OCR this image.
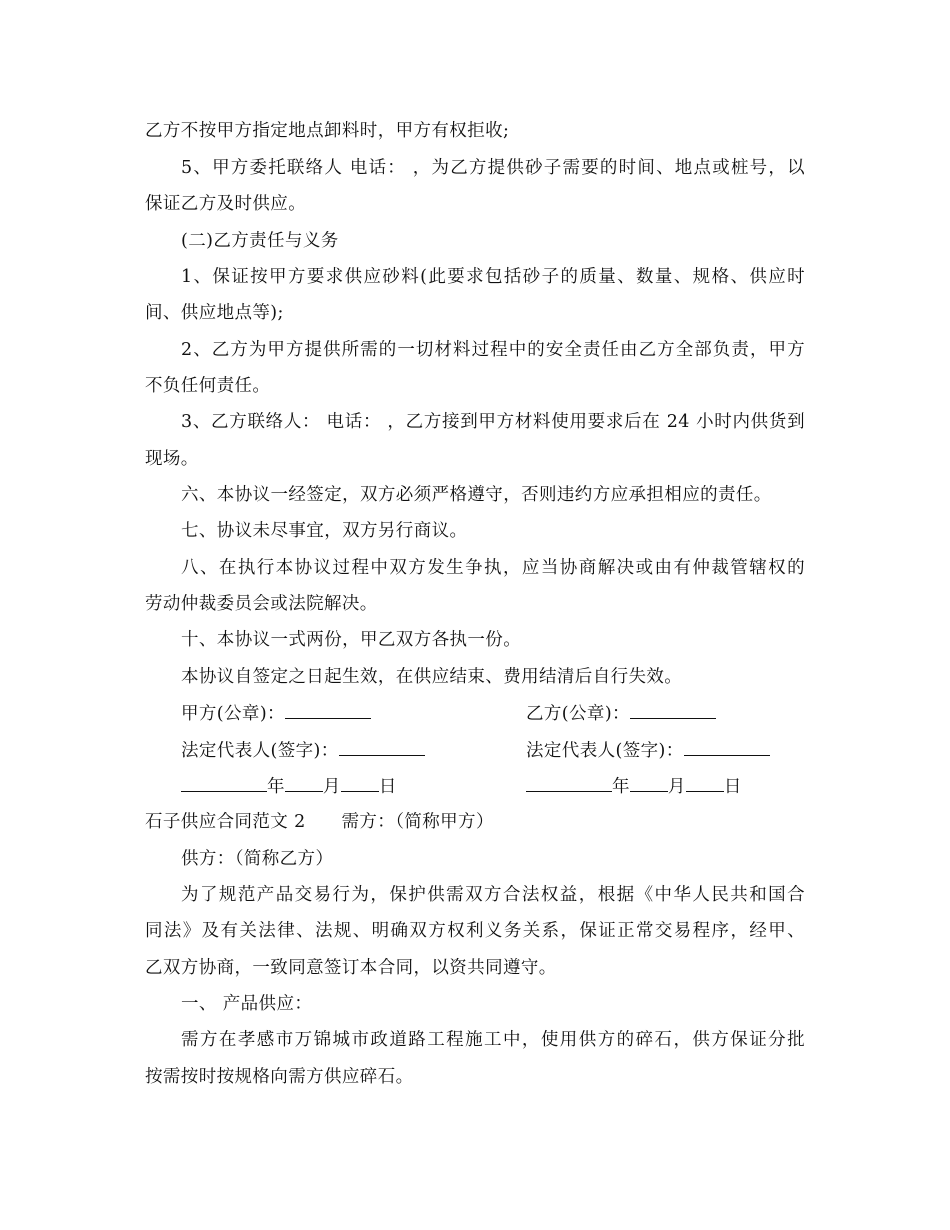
乙方不按甲方指定地点卸料时，甲方有权拒收;
5、甲方委托联络人 电话： ，为乙方提供砂子需要的时间、地点或桩号，以
保证乙方及时供应。
(二)乙方责任与义务
1、保证按甲方要求供应砂料(此要求包括砂子的质量、数量、规格、供应时
间、供应地点等);
2、乙方为甲方提供所需的一切材料过程中的安全责任由乙方全部负责，甲方
不负任何责任。
3、乙方联络人： 电话： ，乙方接到甲方材料使用要求后在 24 小时内供货到
现场。
六、本协议一经签定，双方必须严格遵守，否则违约方应承担相应的责任。
七、协议未尽事宜，双方另行商议。
八、在执行本协议过程中双方发生争执，应当协商解决或由有仲裁管辖权的
劳动仲裁委员会或法院解决。
十、本协议一式两份，甲乙双方各执一份。
本协议自签定之日起生效，在供应结束、费用结清后自行失效。
甲方(公章)：	乙方(公章)：
法定代表人(签字)：	法定代表人(签字)：
年 月 日	年 月 日
石子供应合同范文 2　　需方：（简称甲方）
供方：（简称乙方）
为了规范产品交易行为，保护供需双方合法权益，根据《中华人民共和国合
同法》及有关法律、法规、明确双方权利义务关系，保证正常交易程序，经甲、
乙双方协商，一致同意签订本合同，以资共同遵守。
一、 产品供应：
需方在孝感市万锦城市政道路工程施工中，使用供方的碎石，供方保证分批
按需按时按规格向需方供应碎石。
